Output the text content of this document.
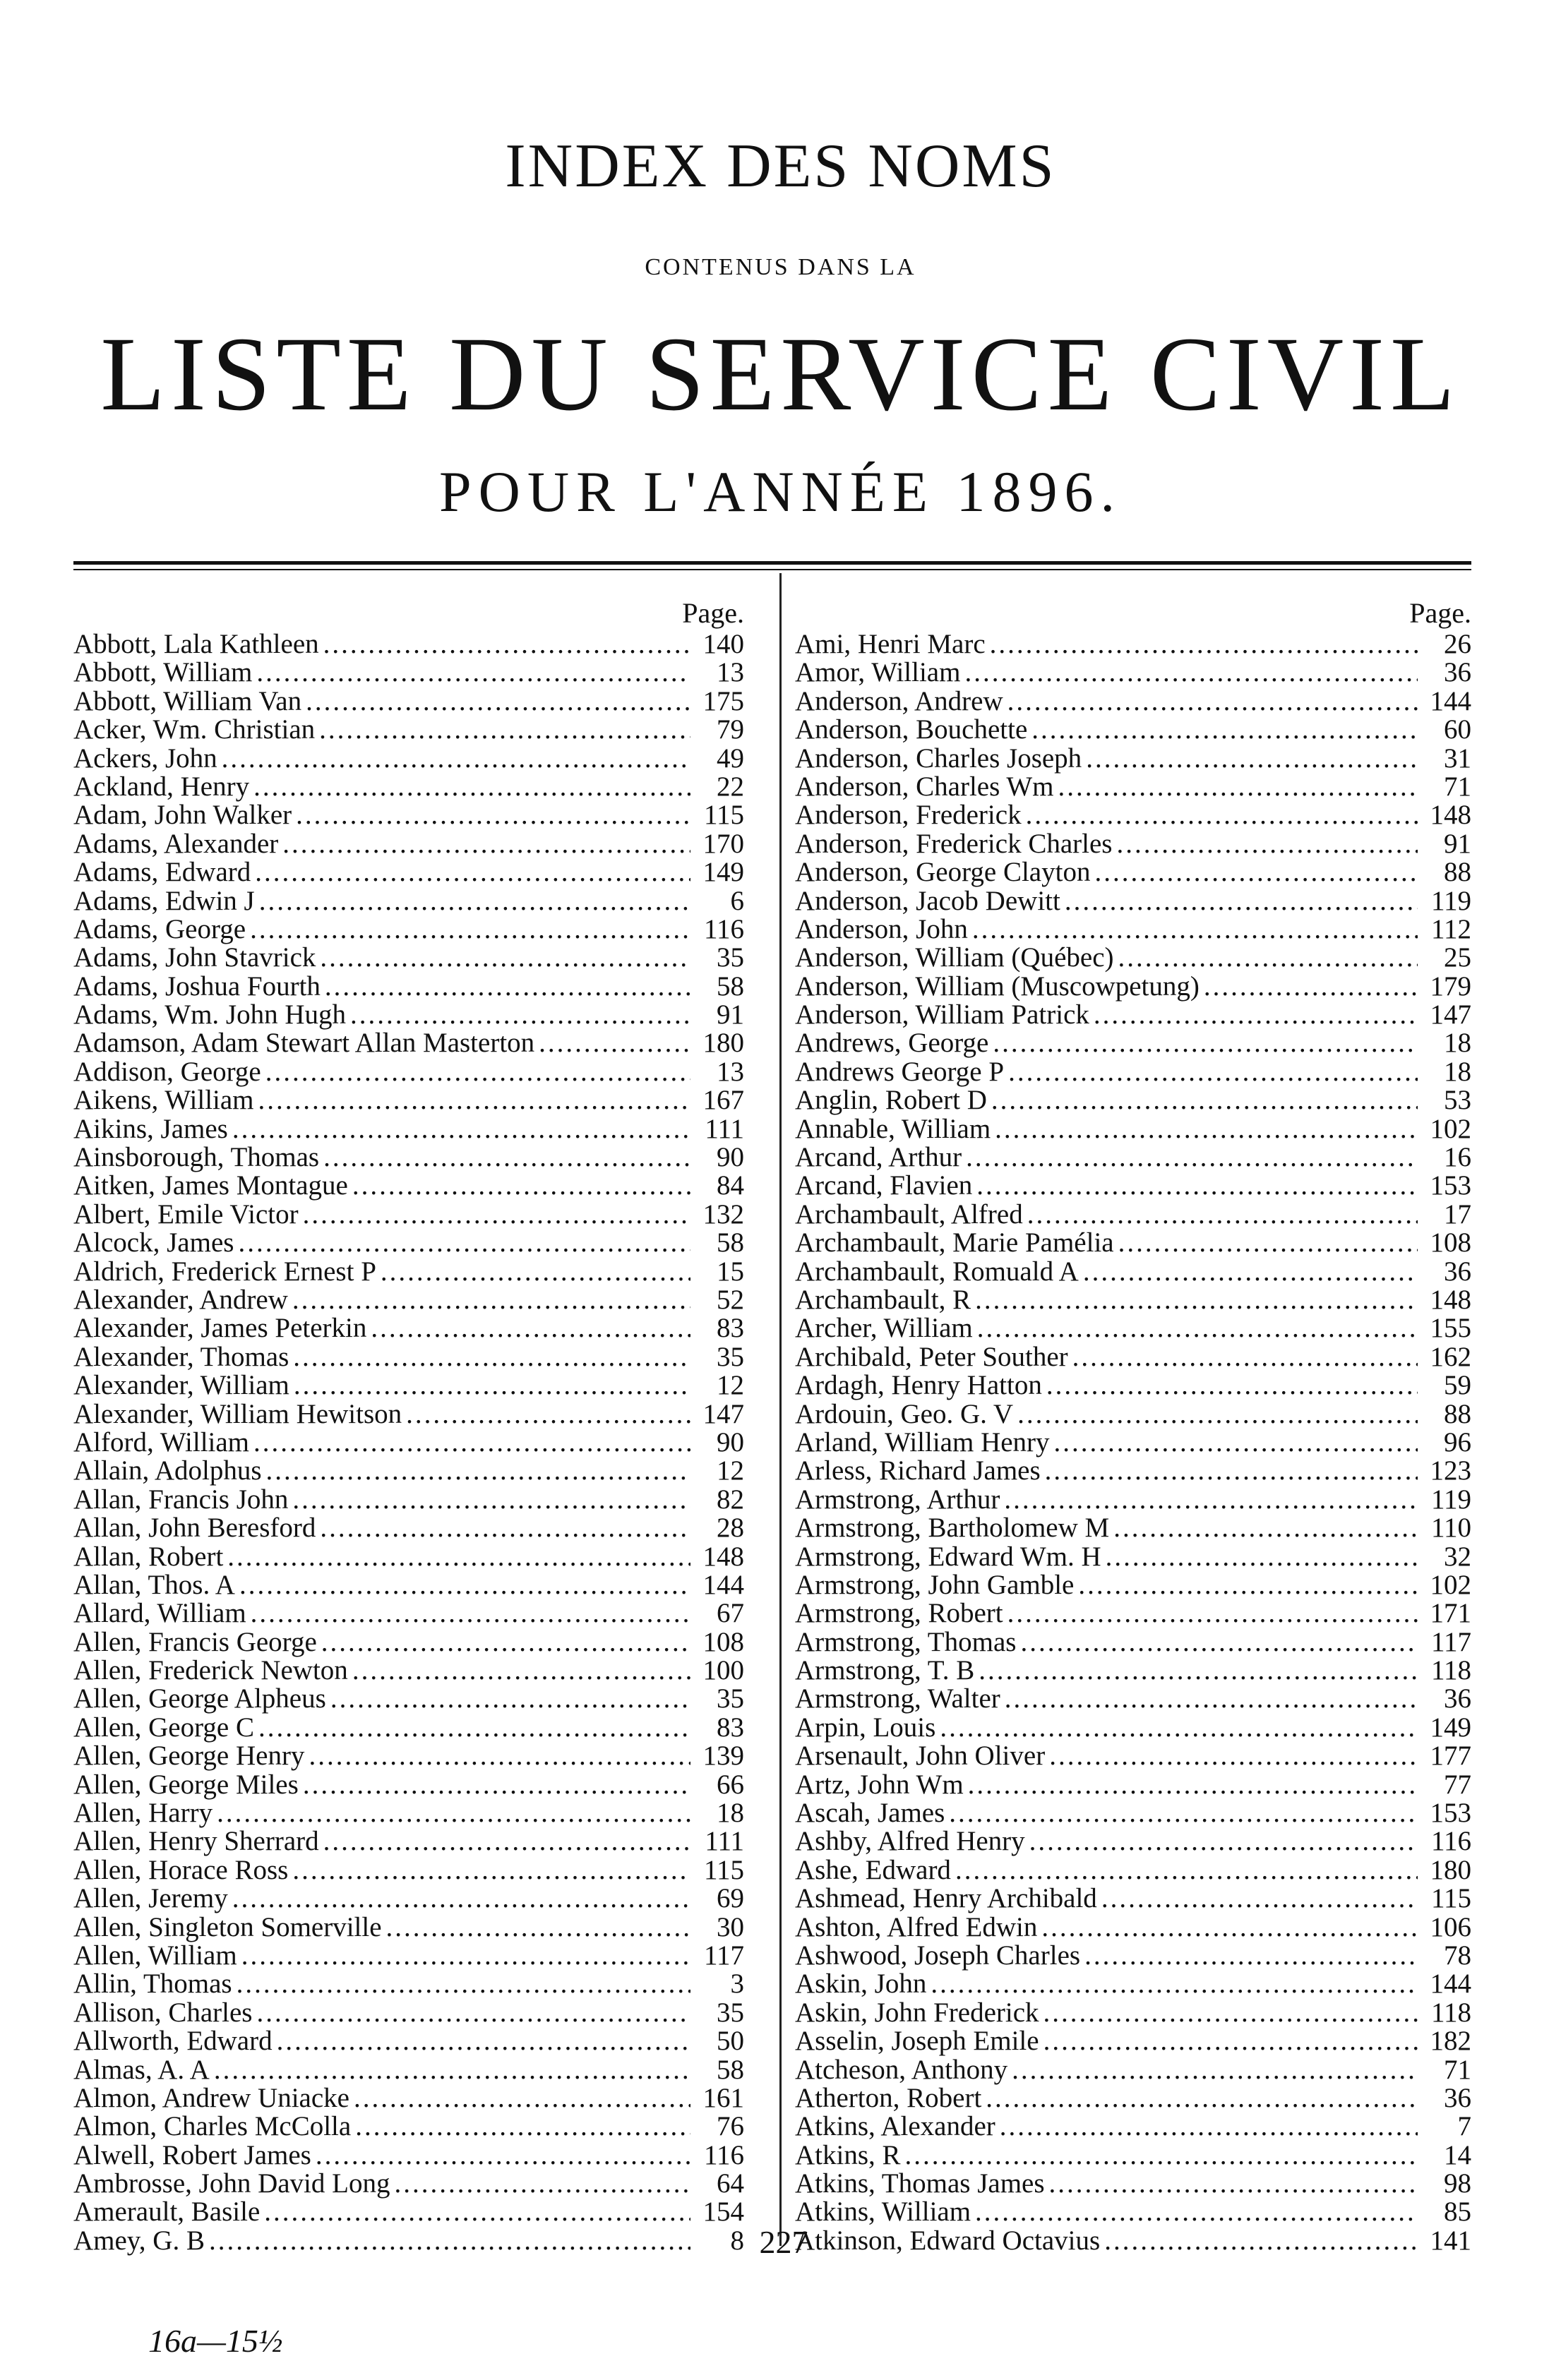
INDEX DES NOMS
CONTENUS DANS LA
LISTE DU SERVICE CIVIL
POUR L'ANNÉE 1896.
Page.
Abbott, Lala Kathleen .....	140
Abbott, William .....	13
Abbott, William Van .....	175
Acker, Wm. Christian .....	79
Ackers, John .....	49
Ackland, Henry .....	22
Adam, John Walker .....	115
Adams, Alexander .....	170
Adams, Edward .....	149
Adams, Edwin J .....	6
Adams, George .....	116
Adams, John Stavrick .....	35
Adams, Joshua Fourth .....	58
Adams, Wm. John Hugh .....	91
Adamson, Adam Stewart Allan Masterton .....	180
Addison, George .....	13
Aikens, William .....	167
Aikins, James .....	111
Ainsborough, Thomas .....	90
Aitken, James Montague .....	84
Albert, Emile Victor .....	132
Alcock, James .....	58
Aldrich, Frederick Ernest P .....	15
Alexander, Andrew .....	52
Alexander, James Peterkin .....	83
Alexander, Thomas .....	35
Alexander, William .....	12
Alexander, William Hewitson .....	147
Alford, William .....	90
Allain, Adolphus .....	12
Allan, Francis John .....	82
Allan, John Beresford .....	28
Allan, Robert .....	148
Allan, Thos. A .....	144
Allard, William .....	67
Allen, Francis George .....	108
Allen, Frederick Newton .....	100
Allen, George Alpheus .....	35
Allen, George C .....	83
Allen, George Henry .....	139
Allen, George Miles .....	66
Allen, Harry .....	18
Allen, Henry Sherrard .....	111
Allen, Horace Ross .....	115
Allen, Jeremy .....	69
Allen, Singleton Somerville .....	30
Allen, William .....	117
Allin, Thomas .....	3
Allison, Charles .....	35
Allworth, Edward .....	50
Almas, A. A .....	58
Almon, Andrew Uniacke .....	161
Almon, Charles McColla .....	76
Alwell, Robert James .....	116
Ambrosse, John David Long .....	64
Amerault, Basile .....	154
Amey, G. B .....	8
Page.
Ami, Henri Marc .....	26
Amor, William .....	36
Anderson, Andrew .....	144
Anderson, Bouchette .....	60
Anderson, Charles Joseph .....	31
Anderson, Charles Wm .....	71
Anderson, Frederick .....	148
Anderson, Frederick Charles .....	91
Anderson, George Clayton .....	88
Anderson, Jacob Dewitt .....	119
Anderson, John .....	112
Anderson, William (Québec) .....	25
Anderson, William (Muscowpetung) .....	179
Anderson, William Patrick .....	147
Andrews, George .....	18
Andrews George P .....	18
Anglin, Robert D .....	53
Annable, William .....	102
Arcand, Arthur .....	16
Arcand, Flavien .....	153
Archambault, Alfred .....	17
Archambault, Marie Pamélia .....	108
Archambault, Romuald A .....	36
Archambault, R .....	148
Archer, William .....	155
Archibald, Peter Souther .....	162
Ardagh, Henry Hatton .....	59
Ardouin, Geo. G. V .....	88
Arland, William Henry .....	96
Arless, Richard James .....	123
Armstrong, Arthur .....	119
Armstrong, Bartholomew M .....	110
Armstrong, Edward Wm. H .....	32
Armstrong, John Gamble .....	102
Armstrong, Robert .....	171
Armstrong, Thomas .....	117
Armstrong, T. B .....	118
Armstrong, Walter .....	36
Arpin, Louis .....	149
Arsenault, John Oliver .....	177
Artz, John Wm .....	77
Ascah, James .....	153
Ashby, Alfred Henry .....	116
Ashe, Edward .....	180
Ashmead, Henry Archibald .....	115
Ashton, Alfred Edwin .....	106
Ashwood, Joseph Charles .....	78
Askin, John .....	144
Askin, John Frederick .....	118
Asselin, Joseph Emile .....	182
Atcheson, Anthony .....	71
Atherton, Robert .....	36
Atkins, Alexander .....	7
Atkins, R .....	14
Atkins, Thomas James .....	98
Atkins, William .....	85
Atkinson, Edward Octavius .....	141
227
16a—15½
